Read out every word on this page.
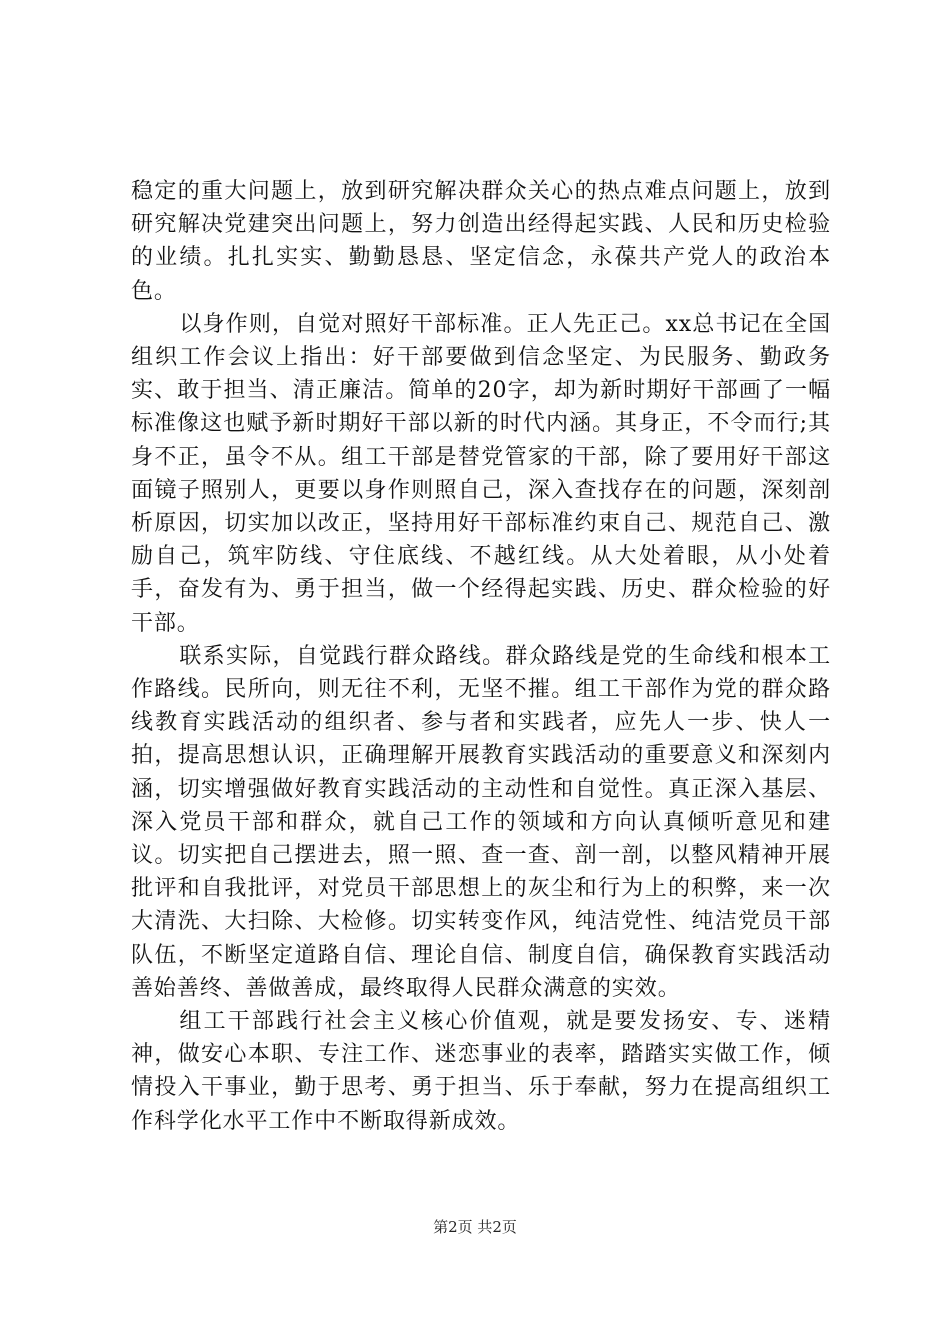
稳定的重大问题上，放到研究解决群众关心的热点难点问题上，放到研究解决党建突出问题上，努力创造出经得起实践、人民和历史检验的业绩。扎扎实实、勤勤恳恳、坚定信念，永葆共产党人的政治本色。

以身作则，自觉对照好干部标准。正人先正己。xx总书记在全国组织工作会议上指出：好干部要做到信念坚定、为民服务、勤政务实、敢于担当、清正廉洁。简单的20字，却为新时期好干部画了一幅标准像这也赋予新时期好干部以新的时代内涵。其身正，不令而行;其身不正，虽令不从。组工干部是替党管家的干部，除了要用好干部这面镜子照别人，更要以身作则照自己，深入查找存在的问题，深刻剖析原因，切实加以改正，坚持用好干部标准约束自己、规范自己、激励自己，筑牢防线、守住底线、不越红线。从大处着眼，从小处着手，奋发有为、勇于担当，做一个经得起实践、历史、群众检验的好干部。

联系实际，自觉践行群众路线。群众路线是党的生命线和根本工作路线。民所向，则无往不利，无坚不摧。组工干部作为党的群众路线教育实践活动的组织者、参与者和实践者，应先人一步、快人一拍，提高思想认识，正确理解开展教育实践活动的重要意义和深刻内涵，切实增强做好教育实践活动的主动性和自觉性。真正深入基层、深入党员干部和群众，就自己工作的领域和方向认真倾听意见和建议。切实把自己摆进去，照一照、查一查、剖一剖，以整风精神开展批评和自我批评，对党员干部思想上的灰尘和行为上的积弊，来一次大清洗、大扫除、大检修。切实转变作风，纯洁党性、纯洁党员干部队伍，不断坚定道路自信、理论自信、制度自信，确保教育实践活动善始善终、善做善成，最终取得人民群众满意的实效。

组工干部践行社会主义核心价值观，就是要发扬安、专、迷精神，做安心本职、专注工作、迷恋事业的表率，踏踏实实做工作，倾情投入干事业，勤于思考、勇于担当、乐于奉献，努力在提高组织工作科学化水平工作中不断取得新成效。

第2页 共2页
